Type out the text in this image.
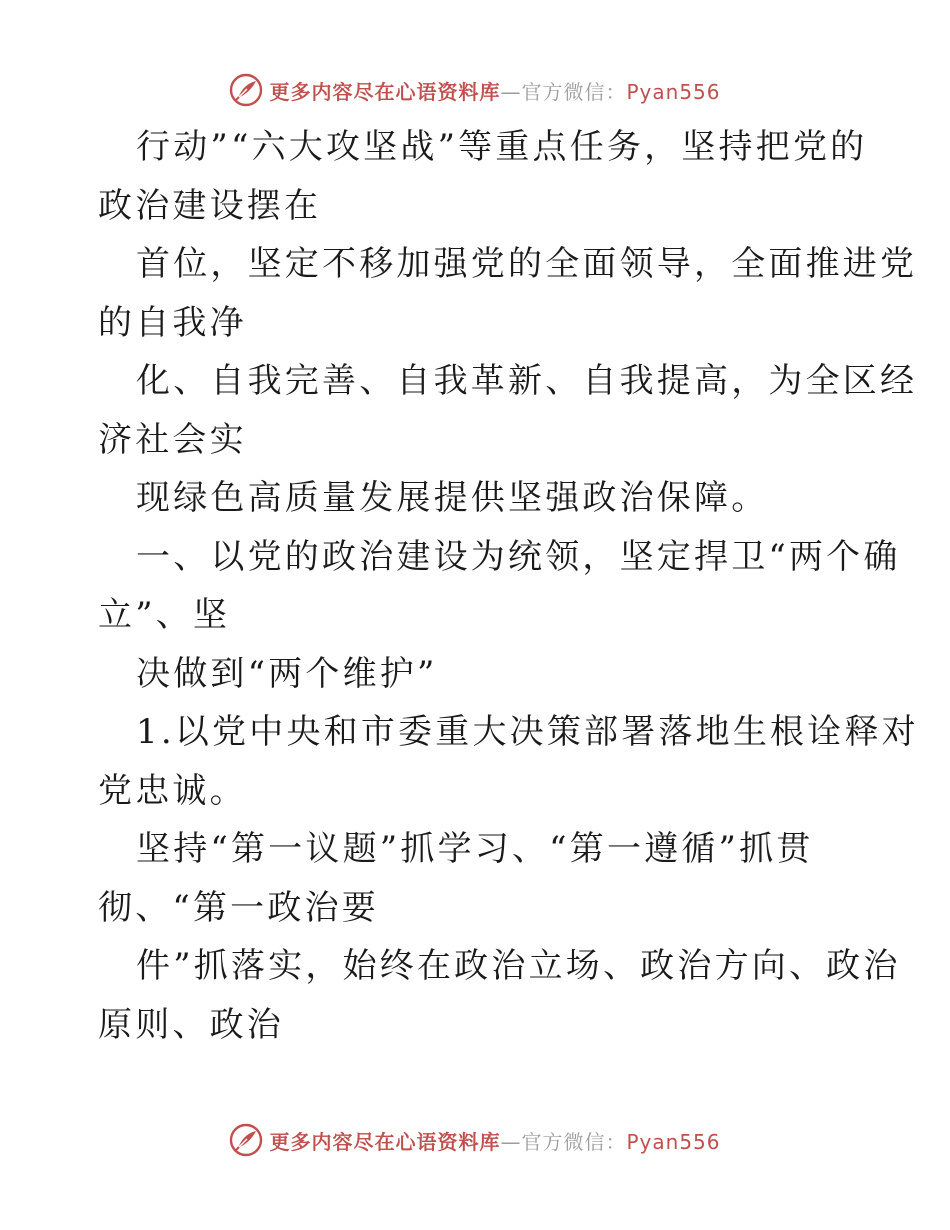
更多内容尽在心语资料库—官方微信：Pyan556
行动”“六大攻坚战”等重点任务，坚持把党的
政治建设摆在
首位，坚定不移加强党的全面领导，全面推进党
的自我净
化、自我完善、自我革新、自我提高，为全区经
济社会实
现绿色高质量发展提供坚强政治保障。
一、以党的政治建设为统领，坚定捍卫“两个确
立”、坚
决做到“两个维护”
1.以党中央和市委重大决策部署落地生根诠释对
党忠诚。
坚持“第一议题”抓学习、“第一遵循”抓贯
彻、“第一政治要
件”抓落实，始终在政治立场、政治方向、政治
原则、政治
更多内容尽在心语资料库—官方微信：Pyan556
